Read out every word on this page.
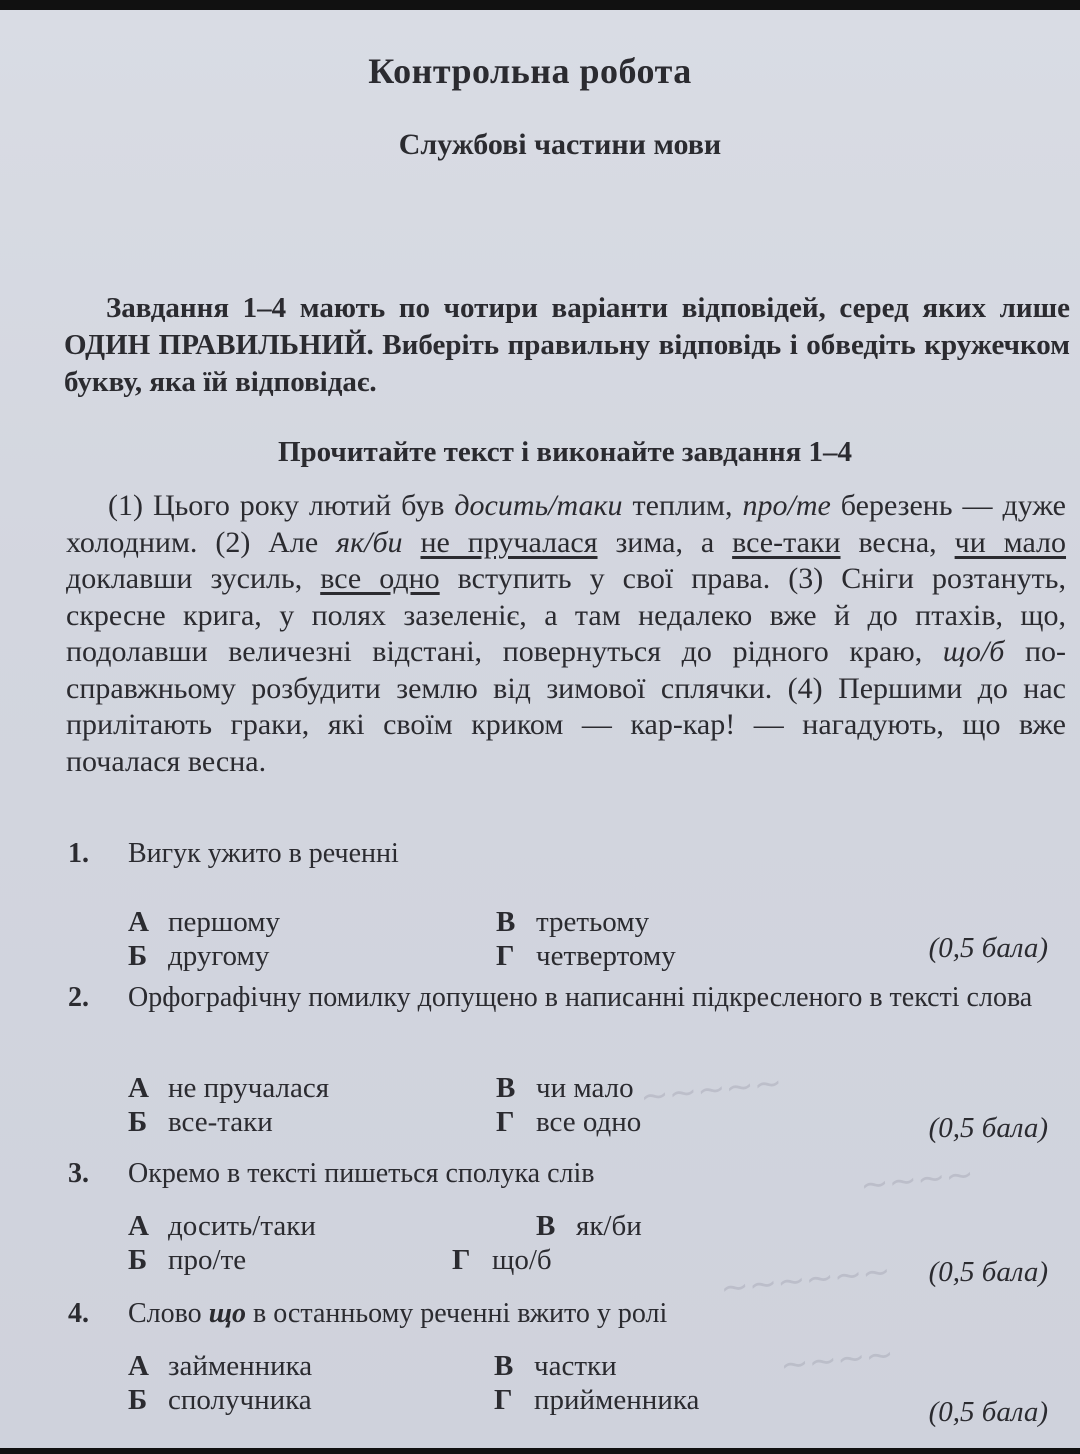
Контрольна робота
Службові частини мови
Завдання 1–4 мають по чотири варіанти відповідей, серед яких лише ОДИН ПРАВИЛЬНИЙ. Виберіть правильну відповідь і обведіть кружечком букву, яка їй відповідає.
Прочитайте текст і виконайте завдання 1–4
(1) Цього року лютий був досить/таки теплим, про/те березень — дуже холодним. (2) Але як/би не пручалася зима, а все-таки весна, чи мало доклавши зусиль, все одно вступить у свої права. (3) Сніги розтануть, скресне крига, у полях зазеленіє, а там недалеко вже й до птахів, що, подолавши величезні відстані, повернуться до рідного краю, що/б по-справжньому розбудити землю від зимової сплячки. (4) Першими до нас прилітають граки, які своїм криком — кар-кар! — нагадують, що вже почалася весна.
~~~~~
~~~~
~~~~~~
~~~~
1. Вигук ужито в реченні
А першому
Б другому
В третьому
Г четвертому	(0,5 бала)
2. Орфографічну помилку допущено в написанні підкресленого в тексті слова
А не пручалася
Б все-таки
В чи мало
Г все одно	(0,5 бала)
3. Окремо в тексті пишеться сполука слів
А досить/таки
Б про/те
В як/би
Г що/б	(0,5 бала)
4. Слово що в останньому реченні вжито у ролі
А займенника
Б сполучника
В частки
Г прийменника	(0,5 бала)
